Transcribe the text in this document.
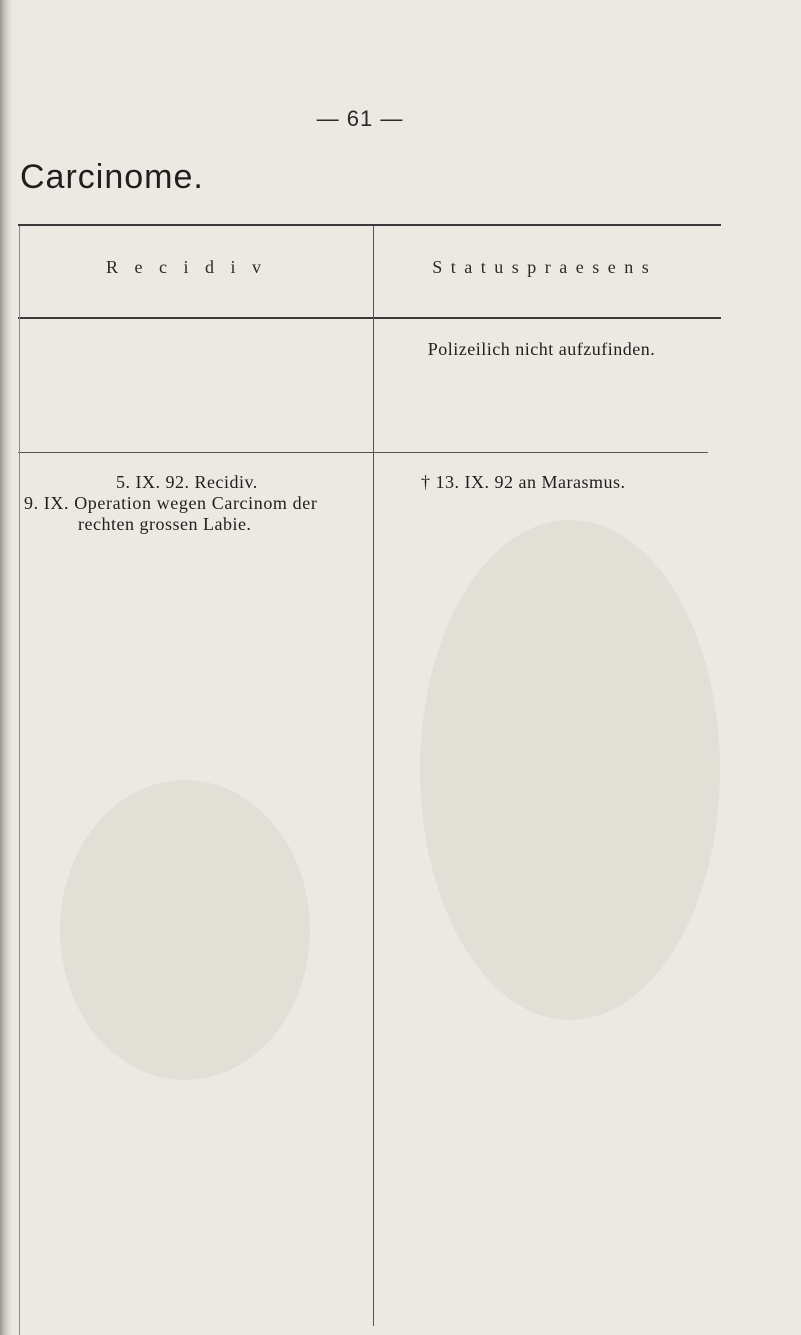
— 61 —
Carcinome.
R e c i d i v	S t a t u s p r a e s e n s
Polizeilich nicht aufzufinden.
5. IX. 92. Recidiv.
9. IX. Operation wegen Carcinom der
rechten grossen Labie.
† 13. IX. 92 an Marasmus.
